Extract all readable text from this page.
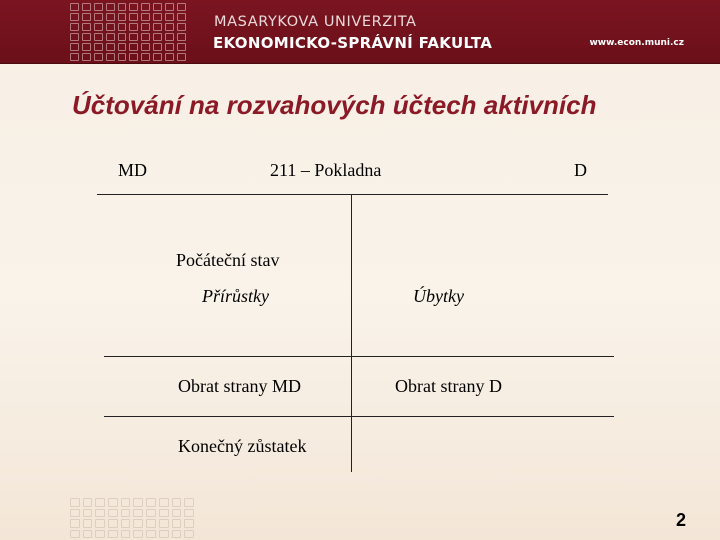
MASARYKOVA UNIVERZITA
EKONOMICKO-SPRÁVNÍ FAKULTA	www.econ.muni.cz
Účtování na rozvahových účtech aktivních
MD	211 – Pokladna	D
Počáteční stav
Přírůstky	Úbytky
Obrat strany MD	Obrat strany D
Konečný zůstatek
2
